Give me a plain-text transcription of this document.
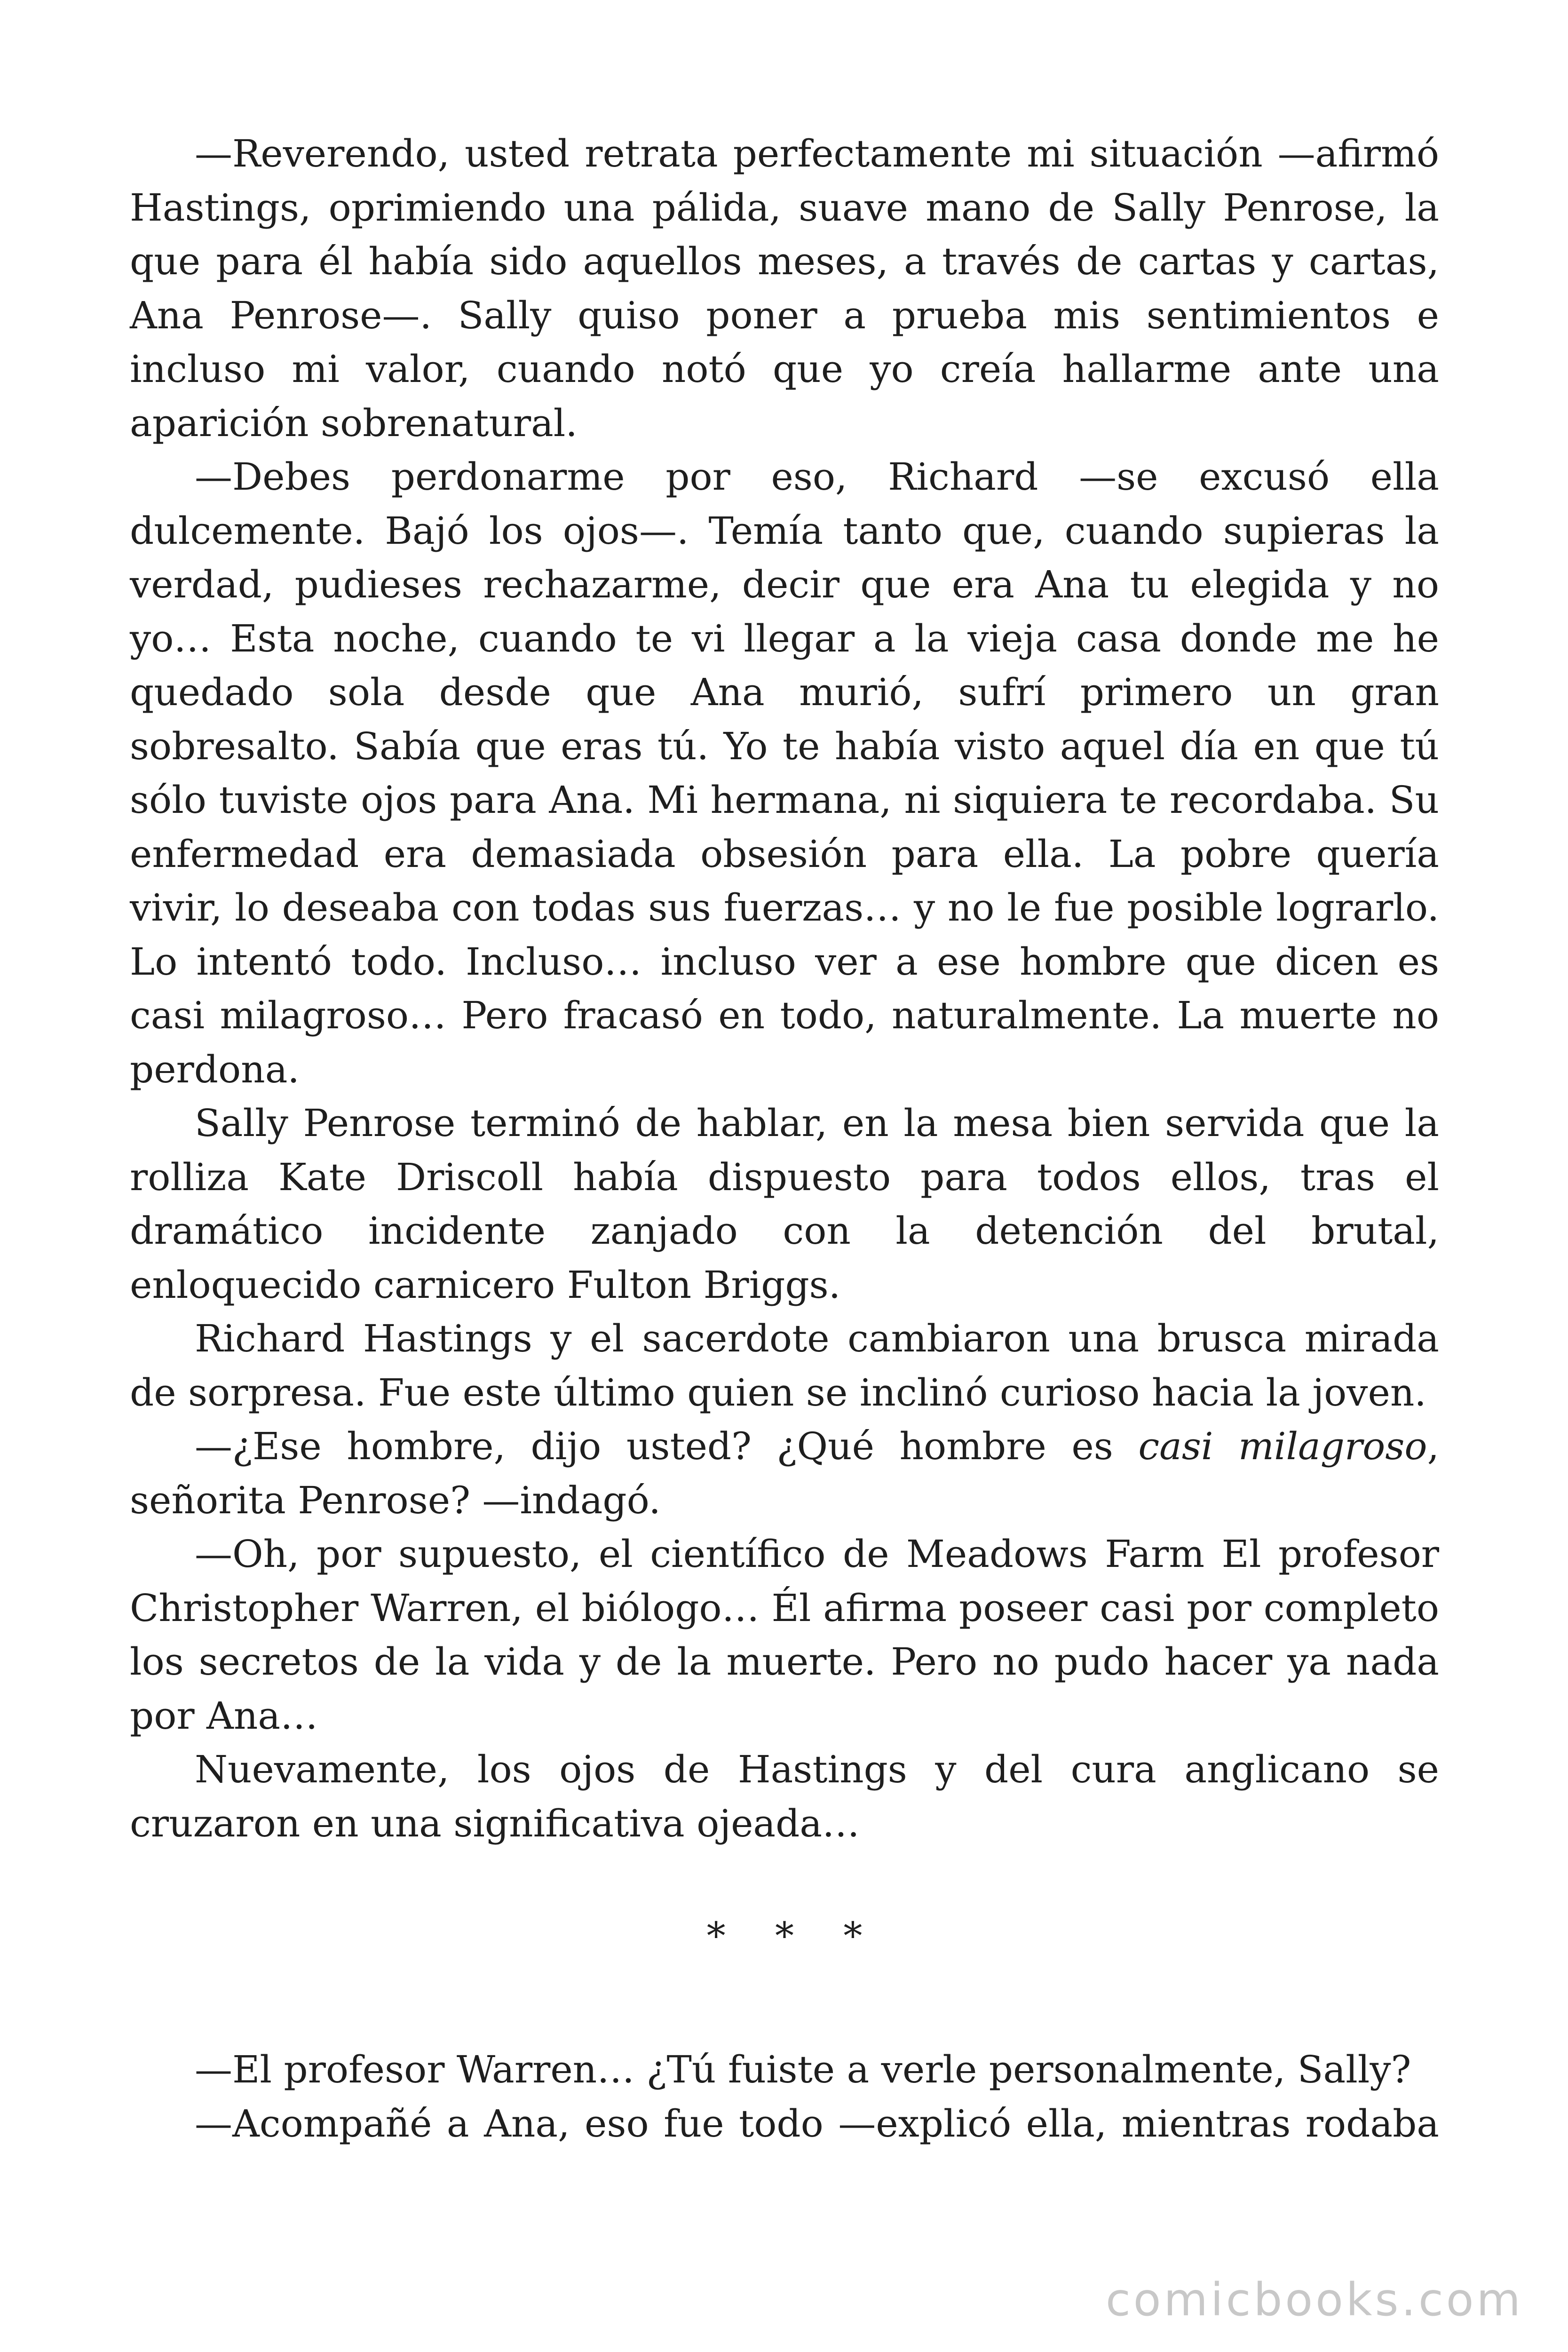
—Reverendo, usted retrata perfectamente mi situación —afirmó Hastings, oprimiendo una pálida, suave mano de Sally Penrose, la que para él había sido aquellos meses, a través de cartas y cartas, Ana Penrose—. Sally quiso poner a prueba mis sentimientos e incluso mi valor, cuando notó que yo creía hallarme ante una aparición sobrenatural.

—Debes perdonarme por eso, Richard —se excusó ella dulcemente. Bajó los ojos—. Temía tanto que, cuando supieras la verdad, pudieses rechazarme, decir que era Ana tu elegida y no yo… Esta noche, cuando te vi llegar a la vieja casa donde me he quedado sola desde que Ana murió, sufrí primero un gran sobresalto. Sabía que eras tú. Yo te había visto aquel día en que tú sólo tuviste ojos para Ana. Mi hermana, ni siquiera te recordaba. Su enfermedad era demasiada obsesión para ella. La pobre quería vivir, lo deseaba con todas sus fuerzas… y no le fue posible lograrlo. Lo intentó todo. Incluso… incluso ver a ese hombre que dicen es casi milagroso… Pero fracasó en todo, naturalmente. La muerte no perdona.

Sally Penrose terminó de hablar, en la mesa bien servida que la rolliza Kate Driscoll había dispuesto para todos ellos, tras el dramático incidente zanjado con la detención del brutal, enloquecido carnicero Fulton Briggs.

Richard Hastings y el sacerdote cambiaron una brusca mirada de sorpresa. Fue este último quien se inclinó curioso hacia la joven.

—¿Ese hombre, dijo usted? ¿Qué hombre es casi milagroso, señorita Penrose? —indagó.

—Oh, por supuesto, el científico de Meadows Farm El profesor Christopher Warren, el biólogo… Él afirma poseer casi por completo los secretos de la vida y de la muerte. Pero no pudo hacer ya nada por Ana…

Nuevamente, los ojos de Hastings y del cura anglicano se cruzaron en una significativa ojeada…

* * *

—El profesor Warren… ¿Tú fuiste a verle personalmente, Sally?

—Acompañé a Ana, eso fue todo —explicó ella, mientras rodaba

comicbooks.com
